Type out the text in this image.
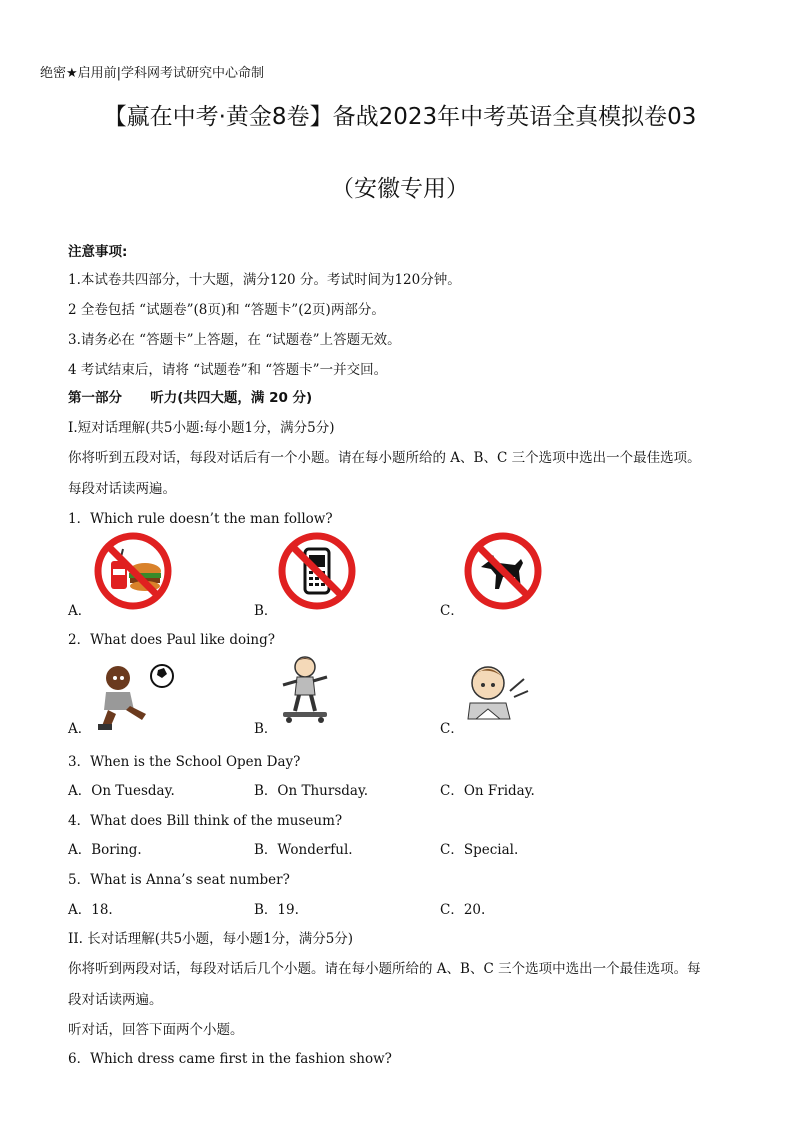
绝密★启用前|学科网考试研究中心命制
【赢在中考·黄金8卷】备战2023年中考英语全真模拟卷03
（安徽专用）
注意事项:
1.本试卷共四部分，十大题，满分120 分。考试时间为120分钟。
2 全卷包括 “试题卷”(8页)和 “答题卡”(2页)两部分。
3.请务必在 “答题卡”上答题，在 “试题卷”上答题无效。
4 考试结束后，请将 “试题卷”和 “答题卡”一并交回。
第一部分      听力(共四大题，满 20 分)
I.短对话理解(共5小题:每小题1分，满分5分)
你将听到五段对话，每段对话后有一个小题。请在每小题所给的 A、B、C 三个选项中选出一个最佳选项。
每段对话读两遍。
1．Which rule doesn’t the man follow?
A．	B．	C．
2．What does Paul like doing?
A．	B．	C．
3．When is the School Open Day?
A．On Tuesday.	B．On Thursday.	C．On Friday.
4．What does Bill think of the museum?
A．Boring.	B．Wonderful.	C．Special.
5．What is Anna’s seat number?
A．18.	B．19.	C．20.
II. 长对话理解(共5小题，每小题1分，满分5分)
你将听到两段对话，每段对话后几个小题。请在每小题所给的 A、B、C 三个选项中选出一个最佳选项。每
段对话读两遍。
听对话，回答下面两个小题。
6．Which dress came first in the fashion show?
